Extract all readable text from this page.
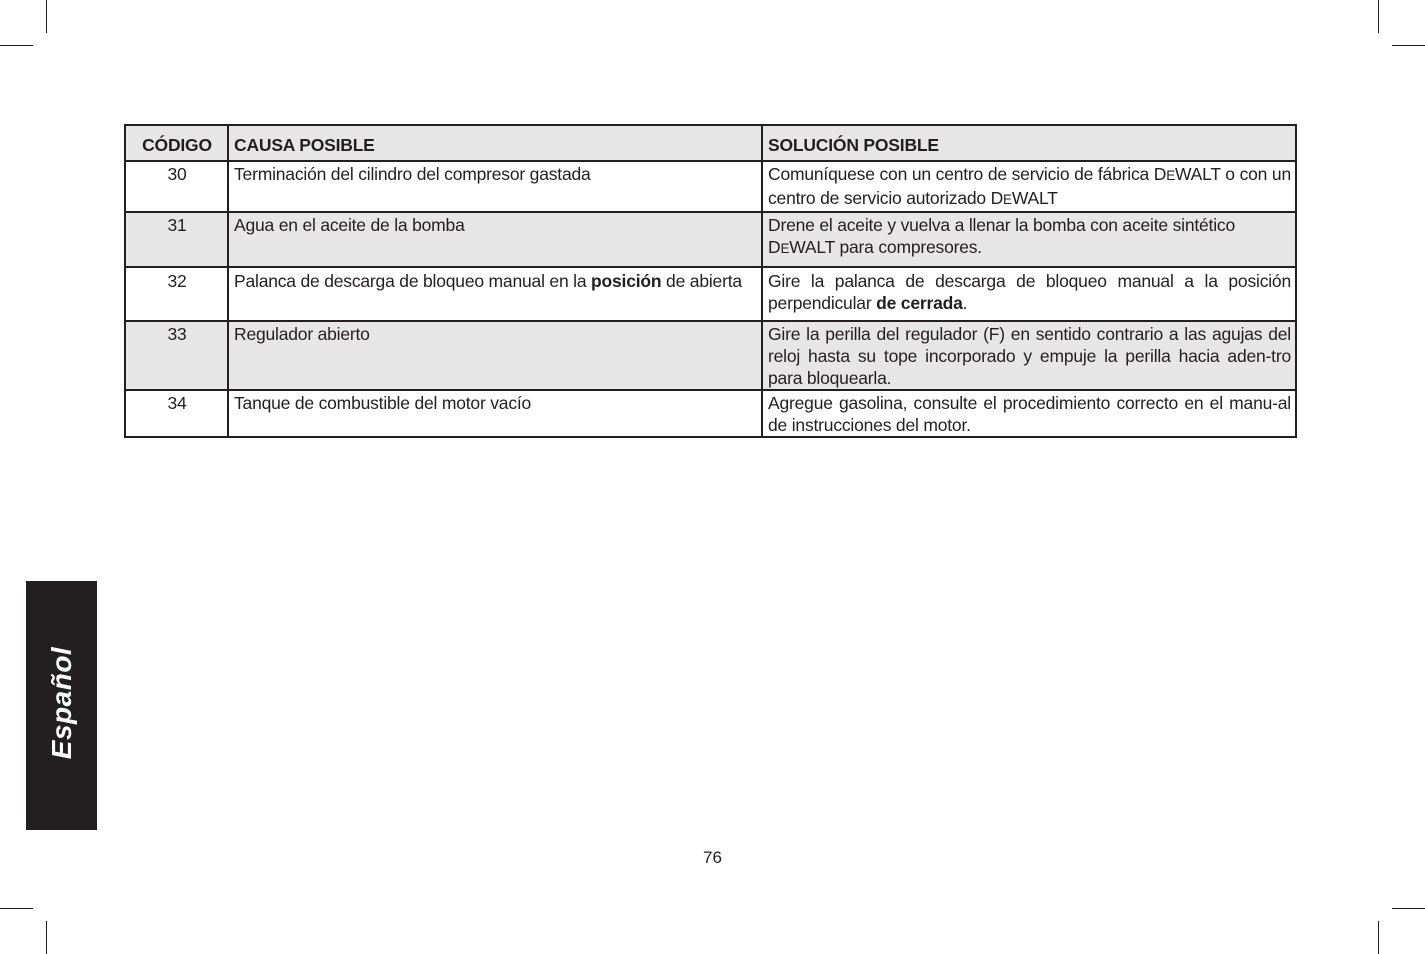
CÓDIGO	CAUSA POSIBLE	SOLUCIÓN POSIBLE
30	Terminación del cilindro del compresor gastada	Comuníquese con un centro de servicio de fábrica DEWALT o con un centro de servicio autorizado DEWALT
31	Agua en el aceite de la bomba	Drene el aceite y vuelva a llenar la bomba con aceite sintético DEWALT para compresores.
32	Palanca de descarga de bloqueo manual en la posición de abierta	Gire la palanca de descarga de bloqueo manual a la posición perpendicular de cerrada.
33	Regulador abierto	Gire la perilla del regulador (F) en sentido contrario a las agujas del reloj hasta su tope incorporado y empuje la perilla hacia aden-tro para bloquearla.
34	Tanque de combustible del motor vacío	Agregue gasolina, consulte el procedimiento correcto en el manu-al de instrucciones del motor.
Español
76
